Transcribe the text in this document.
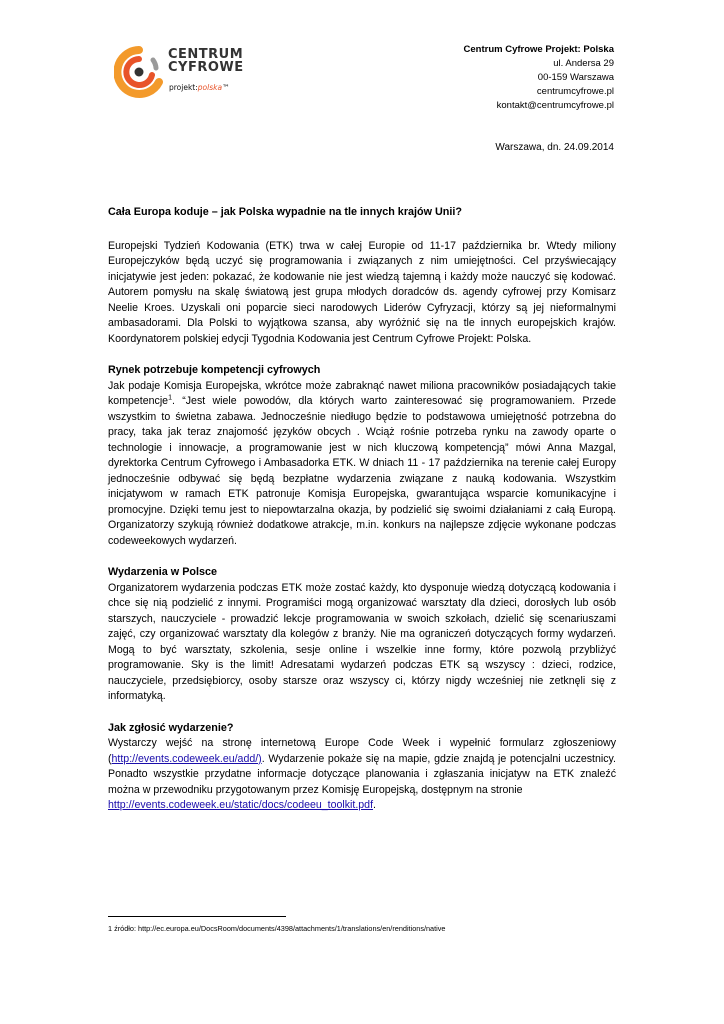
CENTRUM
CYFROWE
projekt:polska™
Centrum Cyfrowe Projekt: Polska
ul. Andersa 29
00-159 Warszawa
centrumcyfrowe.pl
kontakt@centrumcyfrowe.pl
Warszawa, dn. 24.09.2014
Cała Europa koduje – jak Polska wypadnie na tle innych krajów Unii?

Europejski Tydzień Kodowania (ETK) trwa w całej Europie od 11-17 października br. Wtedy miliony Europejczyków będą uczyć się programowania i związanych z nim umiejętności. Cel przyświecający inicjatywie jest jeden: pokazać, że kodowanie nie jest wiedzą tajemną i każdy może nauczyć się kodować. Autorem pomysłu na skalę światową jest grupa młodych doradców ds. agendy cyfrowej przy Komisarz Neelie Kroes. Uzyskali oni poparcie sieci narodowych Liderów Cyfryzacji, którzy są jej nieformalnymi ambasadorami. Dla Polski to wyjątkowa szansa, aby wyróżnić się na tle innych europejskich krajów. Koordynatorem polskiej edycji Tygodnia Kodowania jest Centrum Cyfrowe Projekt: Polska.

Rynek potrzebuje kompetencji cyfrowych

Jak podaje Komisja Europejska, wkrótce może zabraknąć nawet miliona pracowników posiadających takie kompetencje$^1$. “Jest wiele powodów, dla których warto zainteresować się programowaniem. Przede wszystkim to świetna zabawa. Jednocześnie niedługo będzie to podstawowa umiejętność potrzebna do pracy, taka jak teraz znajomość języków obcych . Wciąż rośnie potrzeba rynku na zawody oparte o technologie i innowacje, a programowanie jest w nich kluczową kompetencją” mówi Anna Mazgal, dyrektorka Centrum Cyfrowego i Ambasadorka ETK. W dniach 11 - 17 października na terenie całej Europy jednocześnie odbywać się będą bezpłatne wydarzenia związane z nauką kodowania. Wszystkim inicjatywom w ramach ETK patronuje Komisja Europejska, gwarantująca wsparcie komunikacyjne i promocyjne. Dzięki temu jest to niepowtarzalna okazja, by podzielić się swoimi działaniami z całą Europą. Organizatorzy szykują również dodatkowe atrakcje, m.in. konkurs na najlepsze zdjęcie wykonane podczas codeweekowych wydarzeń.

Wydarzenia w Polsce

Organizatorem wydarzenia podczas ETK może zostać każdy, kto dysponuje wiedzą dotyczącą kodowania i chce się nią podzielić z innymi. Programiści mogą organizować warsztaty dla dzieci, dorosłych lub osób starszych, nauczyciele - prowadzić lekcje programowania w swoich szkołach, dzielić się scenariuszami zajęć, czy organizować warsztaty dla kolegów z branży. Nie ma ograniczeń dotyczących formy wydarzeń. Mogą to być warsztaty, szkolenia, sesje online i wszelkie inne formy, które pozwolą przybliżyć programowanie. Sky is the limit! Adresatami wydarzeń podczas ETK są wszyscy : dzieci, rodzice, nauczyciele, przedsiębiorcy, osoby starsze oraz wszyscy ci, którzy nigdy wcześniej nie zetknęli się z informatyką.

Jak zgłosić wydarzenie?

Wystarczy wejść na stronę internetową Europe Code Week i wypełnić formularz zgłoszeniowy (http://events.codeweek.eu/add/). Wydarzenie pokaże się na mapie, gdzie znajdą je potencjalni uczestnicy. Ponadto wszystkie przydatne informacje dotyczące planowania i zgłaszania inicjatyw na ETK znaleźć można w przewodniku przygotowanym przez Komisję Europejską, dostępnym na stronie
http://events.codeweek.eu/static/docs/codeeu_toolkit.pdf.

1 źródło: http://ec.europa.eu/DocsRoom/documents/4398/attachments/1/translations/en/renditions/native
